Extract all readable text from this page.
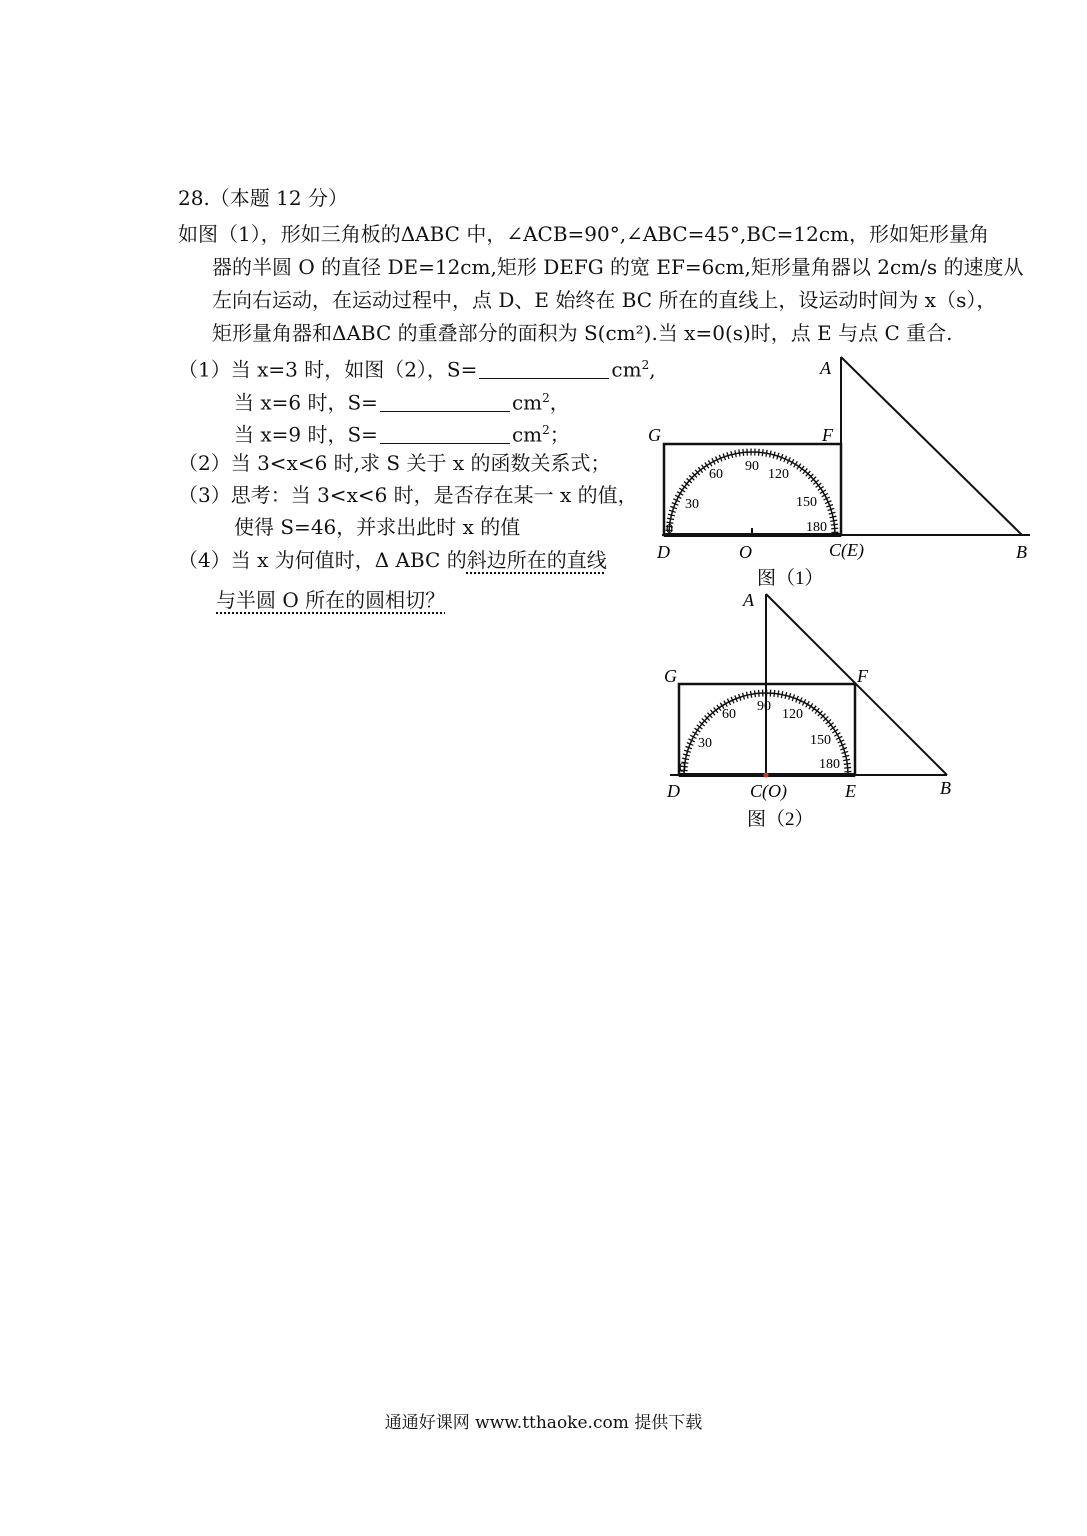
28.（本题 12 分）
如图（1），形如三角板的ΔABC 中，∠ACB=90°,∠ABC=45°,BC=12cm，形如矩形量角
器的半圆 O 的直径 DE=12cm,矩形 DEFG 的宽 EF=6cm,矩形量角器以 2cm/s 的速度从
左向右运动，在运动过程中，点 D、E 始终在 BC 所在的直线上，设运动时间为 x（s），
矩形量角器和ΔABC 的重叠部分的面积为 S(cm²).当 x=0(s)时，点 E 与点 C 重合.
（1）当 x=3 时，如图（2），S=	$cm^2$,
当 x=6 时，S=	$cm^2$，
当 x=9 时，S=	$cm^2$；
（2）当 3<x<6 时,求 S 关于 x 的函数关系式；
（3）思考：当 3<x<6 时，是否存在某一 x 的值，
使得 S=46，并求出此时 x 的值
（4）当 x 为何值时，Δ ABC 的斜边所在的直线
与半圆 O 所在的圆相切？
0
30
60
90
120
150
180
A
G	F
D	O	C(E)	B
图（1）
0
30
60
90
120
150
180
A
G	F
D	C(O)	E	B
图（2）
通通好课网 www.tthaoke.com 提供下载
